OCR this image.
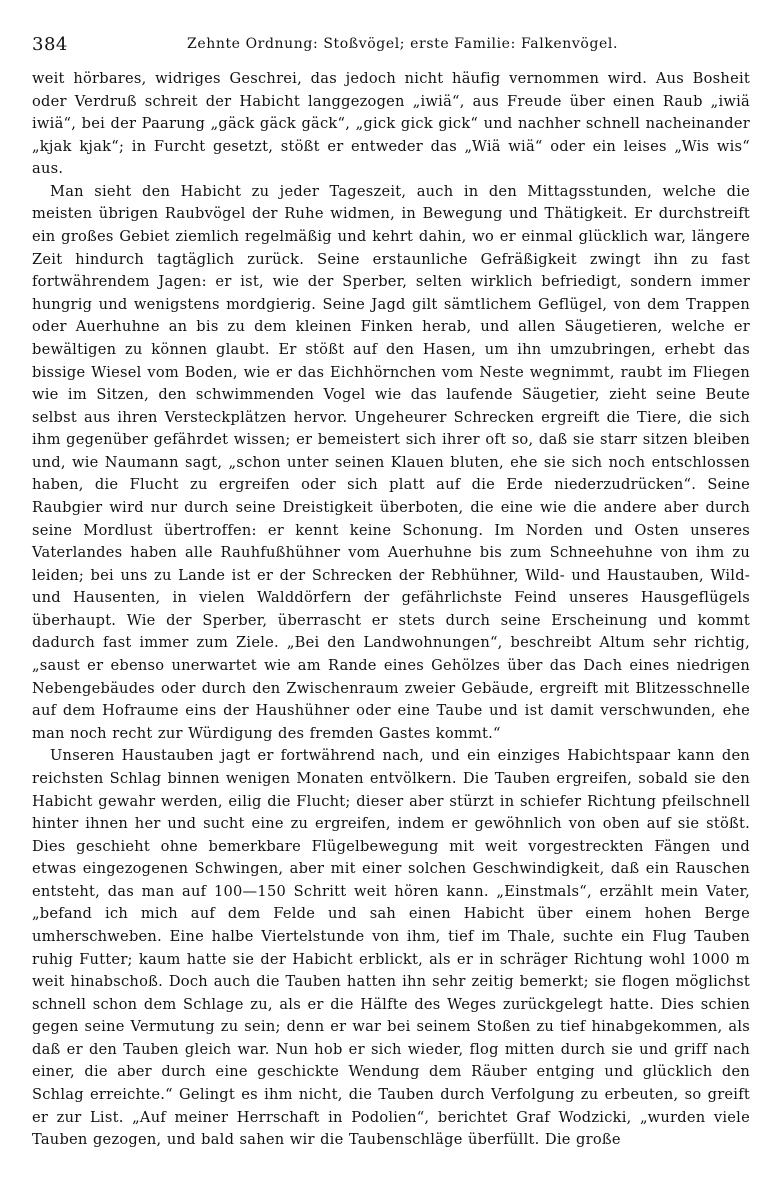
384	Zehnte Ordnung: Stoßvögel; erste Familie: Falkenvögel.

weit hörbares, widriges Geschrei, das jedoch nicht häufig vernommen wird. Aus Bosheit oder Verdruß schreit der Habicht langgezogen „iwiä“, aus Freude über einen Raub „iwiä iwiä“, bei der Paarung „gäck gäck gäck“, „gick gick gick“ und nachher schnell nacheinander „kjak kjak“; in Furcht gesetzt, stößt er entweder das „Wiä wiä“ oder ein leises „Wis wis“ aus.

Man sieht den Habicht zu jeder Tageszeit, auch in den Mittagsstunden, welche die meisten übrigen Raubvögel der Ruhe widmen, in Bewegung und Thätigkeit. Er durchstreift ein großes Gebiet ziemlich regelmäßig und kehrt dahin, wo er einmal glücklich war, längere Zeit hindurch tagtäglich zurück. Seine erstaunliche Gefräßigkeit zwingt ihn zu fast fortwährendem Jagen: er ist, wie der Sperber, selten wirklich befriedigt, sondern immer hungrig und wenigstens mordgierig. Seine Jagd gilt sämtlichem Geflügel, von dem Trappen oder Auerhuhne an bis zu dem kleinen Finken herab, und allen Säugetieren, welche er bewältigen zu können glaubt. Er stößt auf den Hasen, um ihn umzubringen, erhebt das bissige Wiesel vom Boden, wie er das Eichhörnchen vom Neste wegnimmt, raubt im Fliegen wie im Sitzen, den schwimmenden Vogel wie das laufende Säugetier, zieht seine Beute selbst aus ihren Versteckplätzen hervor. Ungeheurer Schrecken ergreift die Tiere, die sich ihm gegenüber gefährdet wissen; er bemeistert sich ihrer oft so, daß sie starr sitzen bleiben und, wie Naumann sagt, „schon unter seinen Klauen bluten, ehe sie sich noch entschlossen haben, die Flucht zu ergreifen oder sich platt auf die Erde niederzudrücken“. Seine Raubgier wird nur durch seine Dreistigkeit überboten, die eine wie die andere aber durch seine Mordlust übertroffen: er kennt keine Schonung. Im Norden und Osten unseres Vaterlandes haben alle Rauhfußhühner vom Auerhuhne bis zum Schneehuhne von ihm zu leiden; bei uns zu Lande ist er der Schrecken der Rebhühner, Wild- und Haustauben, Wild- und Hausenten, in vielen Walddörfern der gefährlichste Feind unseres Hausgeflügels überhaupt. Wie der Sperber, überrascht er stets durch seine Erscheinung und kommt dadurch fast immer zum Ziele. „Bei den Landwohnungen“, beschreibt Altum sehr richtig, „saust er ebenso unerwartet wie am Rande eines Gehölzes über das Dach eines niedrigen Nebengebäudes oder durch den Zwischenraum zweier Gebäude, ergreift mit Blitzesschnelle auf dem Hofraume eins der Haushühner oder eine Taube und ist damit verschwunden, ehe man noch recht zur Würdigung des fremden Gastes kommt.“

Unseren Haustauben jagt er fortwährend nach, und ein einziges Habichtspaar kann den reichsten Schlag binnen wenigen Monaten entvölkern. Die Tauben ergreifen, sobald sie den Habicht gewahr werden, eilig die Flucht; dieser aber stürzt in schiefer Richtung pfeilschnell hinter ihnen her und sucht eine zu ergreifen, indem er gewöhnlich von oben auf sie stößt. Dies geschieht ohne bemerkbare Flügelbewegung mit weit vorgestreckten Fängen und etwas eingezogenen Schwingen, aber mit einer solchen Geschwindigkeit, daß ein Rauschen entsteht, das man auf 100—150 Schritt weit hören kann. „Einstmals“, erzählt mein Vater, „befand ich mich auf dem Felde und sah einen Habicht über einem hohen Berge umherschweben. Eine halbe Viertelstunde von ihm, tief im Thale, suchte ein Flug Tauben ruhig Futter; kaum hatte sie der Habicht erblickt, als er in schräger Richtung wohl 1000 m weit hinabschoß. Doch auch die Tauben hatten ihn sehr zeitig bemerkt; sie flogen möglichst schnell schon dem Schlage zu, als er die Hälfte des Weges zurückgelegt hatte. Dies schien gegen seine Vermutung zu sein; denn er war bei seinem Stoßen zu tief hinabgekommen, als daß er den Tauben gleich war. Nun hob er sich wieder, flog mitten durch sie und griff nach einer, die aber durch eine geschickte Wendung dem Räuber entging und glücklich den Schlag erreichte.“ Gelingt es ihm nicht, die Tauben durch Verfolgung zu erbeuten, so greift er zur List. „Auf meiner Herrschaft in Podolien“, berichtet Graf Wodzicki, „wurden viele Tauben gezogen, und bald sahen wir die Taubenschläge überfüllt. Die große
